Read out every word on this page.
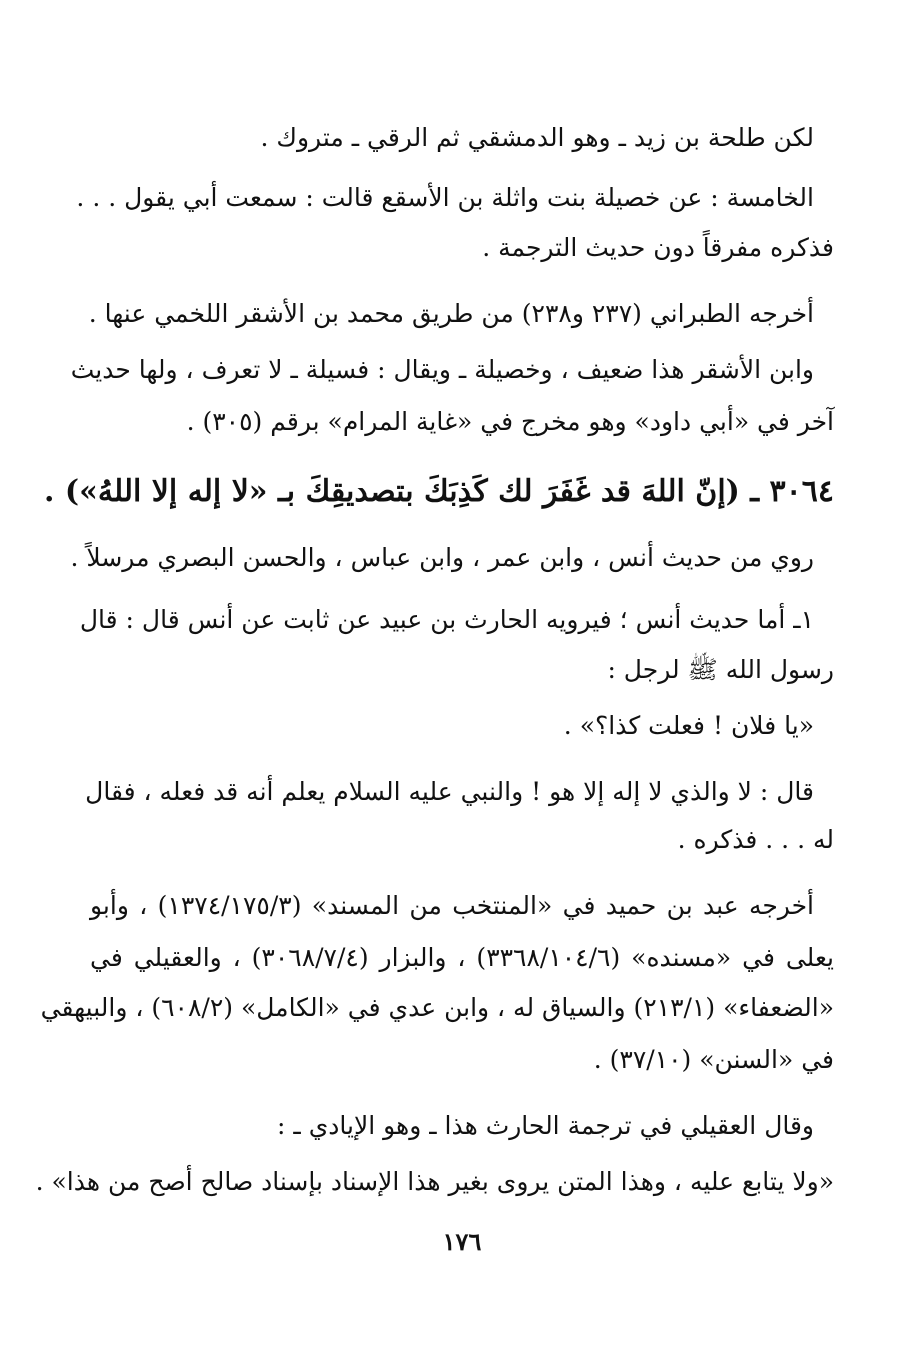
لكن طلحة بن زيد ـ وهو الدمشقي ثم الرقي ـ متروك .
الخامسة : عن خصيلة بنت واثلة بن الأسقع قالت : سمعت أبي يقول . . .
فذكره مفرقاً دون حديث الترجمة .
أخرجه الطبراني (٢٣٧ و٢٣٨) من طريق محمد بن الأشقر اللخمي عنها .
وابن الأشقر هذا ضعيف ، وخصيلة ـ ويقال : فسيلة ـ لا تعرف ، ولها حديث
آخر في «أبي داود» وهو مخرج في «غاية المرام» برقم (٣٠٥) .
٣٠٦٤ ـ (إنّ اللهَ قد غَفَرَ لك كَذِبَكَ بتصديقِكَ بـ «لا إله إلا اللهُ») .
روي من حديث أنس ، وابن عمر ، وابن عباس ، والحسن البصري مرسلاً .
١ـ أما حديث أنس ؛ فيرويه الحارث بن عبيد عن ثابت عن أنس قال : قال
رسول الله ﷺ لرجل :
«يا فلان ! فعلت كذا؟» .
قال : لا والذي لا إله إلا هو ! والنبي عليه السلام يعلم أنه قد فعله ، فقال
له . . . فذكره .
أخرجه عبد بن حميد في «المنتخب من المسند» (١٣٧٤/١٧٥/٣) ، وأبو
يعلى في «مسنده» (٣٣٦٨/١٠٤/٦) ، والبزار (٣٠٦٨/٧/٤) ، والعقيلي في
«الضعفاء» (٢١٣/١) والسياق له ، وابن عدي في «الكامل» (٦٠٨/٢) ، والبيهقي
في «السنن» (٣٧/١٠) .
وقال العقيلي في ترجمة الحارث هذا ـ وهو الإيادي ـ :
«ولا يتابع عليه ، وهذا المتن يروى بغير هذا الإسناد بإسناد صالح أصح من هذا» .
١٧٦
